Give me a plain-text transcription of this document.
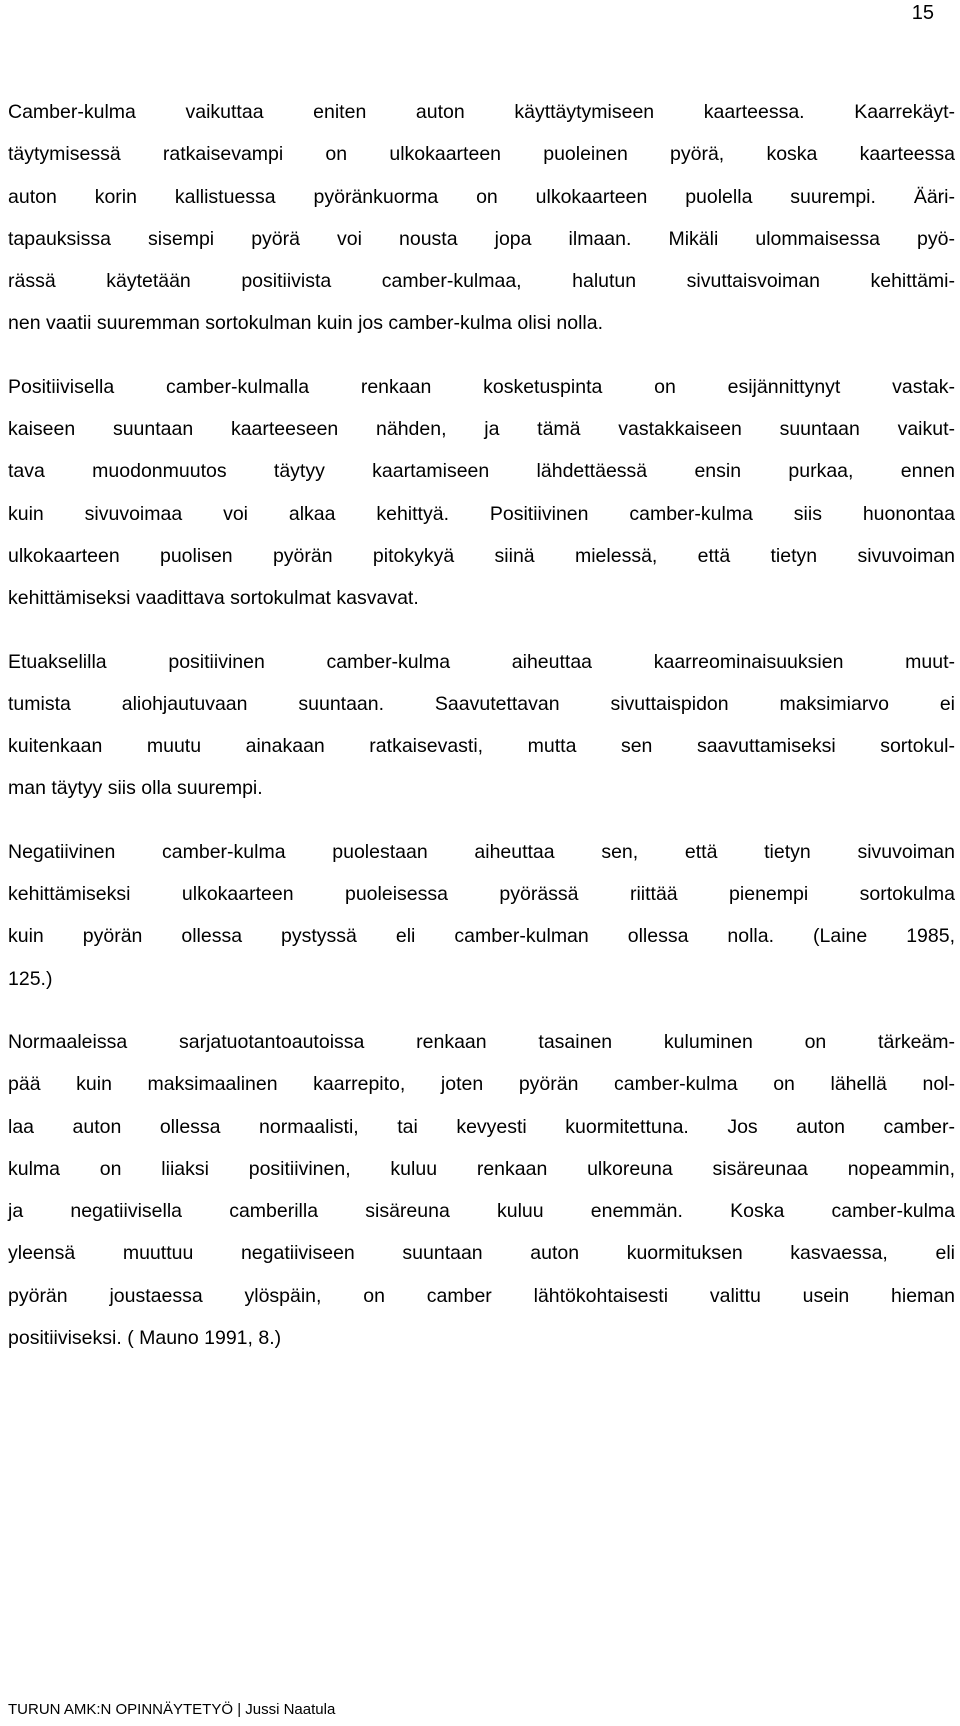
15

Camber-kulma vaikuttaa eniten auton käyttäytymiseen kaarteessa. Kaarrekäyt-
täytymisessä ratkaisevampi on ulkokaarteen puoleinen pyörä, koska kaarteessa
auton korin kallistuessa pyöränkuorma on ulkokaarteen puolella suurempi. Ääri-
tapauksissa sisempi pyörä voi nousta jopa ilmaan. Mikäli ulommaisessa pyö-
rässä käytetään positiivista camber-kulmaa, halutun sivuttaisvoiman kehittämi-
nen vaatii suuremman sortokulman kuin jos camber-kulma olisi nolla.

Positiivisella camber-kulmalla renkaan kosketuspinta on esijännittynyt vastak-
kaiseen suuntaan kaarteeseen nähden, ja tämä vastakkaiseen suuntaan vaikut-
tava muodonmuutos täytyy kaartamiseen lähdettäessä ensin purkaa, ennen
kuin sivuvoimaa voi alkaa kehittyä. Positiivinen camber-kulma siis huonontaa
ulkokaarteen puolisen pyörän pitokykyä siinä mielessä, että tietyn sivuvoiman
kehittämiseksi vaadittava sortokulmat kasvavat.

Etuakselilla positiivinen camber-kulma aiheuttaa kaarreominaisuuksien muut-
tumista aliohjautuvaan suuntaan. Saavutettavan sivuttaispidon maksimiarvo ei
kuitenkaan muutu ainakaan ratkaisevasti, mutta sen saavuttamiseksi sortokul-
man täytyy siis olla suurempi.

Negatiivinen camber-kulma puolestaan aiheuttaa sen, että tietyn sivuvoiman
kehittämiseksi ulkokaarteen puoleisessa pyörässä riittää pienempi sortokulma
kuin pyörän ollessa pystyssä eli camber-kulman ollessa nolla. (Laine 1985,
125.)

Normaaleissa sarjatuotantoautoissa renkaan tasainen kuluminen on tärkeäm-
pää kuin maksimaalinen kaarrepito, joten pyörän camber-kulma on lähellä nol-
laa auton ollessa normaalisti, tai kevyesti kuormitettuna. Jos auton camber-
kulma on liiaksi positiivinen, kuluu renkaan ulkoreuna sisäreunaa nopeammin,
ja negatiivisella camberilla sisäreuna kuluu enemmän. Koska camber-kulma
yleensä muuttuu negatiiviseen suuntaan auton kuormituksen kasvaessa, eli
pyörän joustaessa ylöspäin, on camber lähtökohtaisesti valittu usein hieman
positiiviseksi. ( Mauno 1991, 8.)

TURUN AMK:N OPINNÄYTETYÖ | Jussi Naatula
